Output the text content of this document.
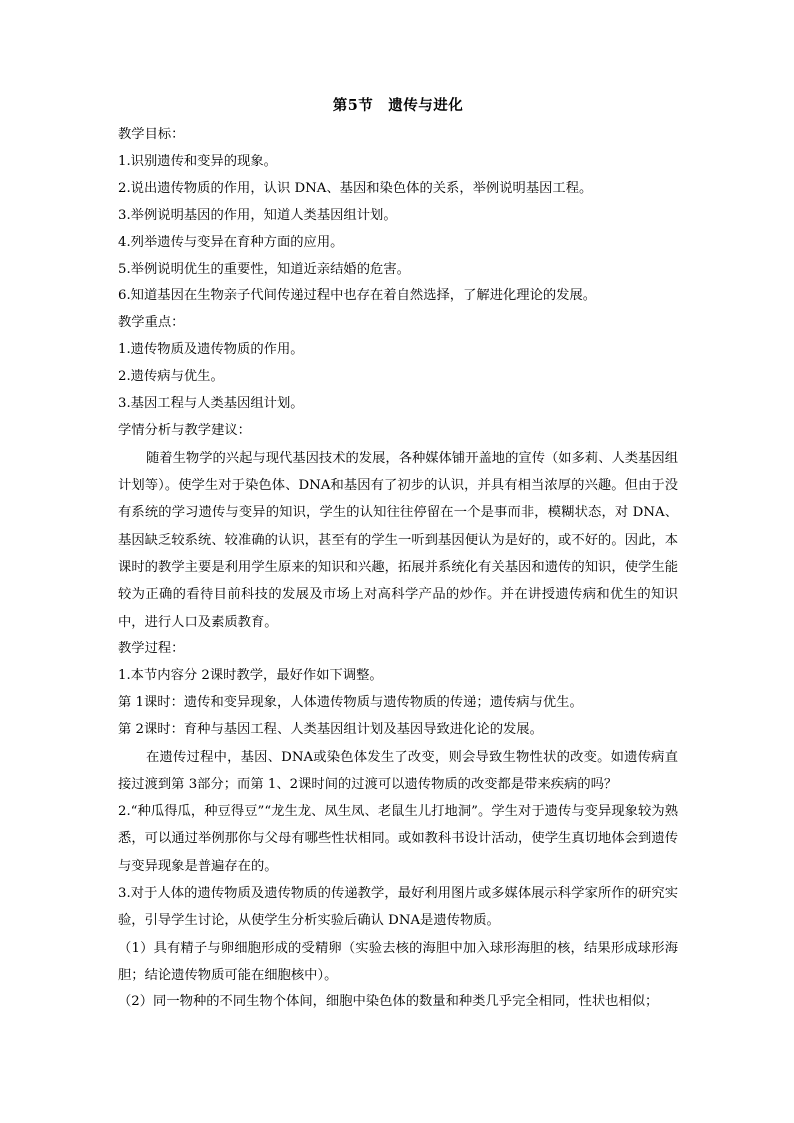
第5节　遗传与进化
教学目标：
1.识别遗传和变异的现象。
2.说出遗传物质的作用，认识 DNA、基因和染色体的关系，举例说明基因工程。
3.举例说明基因的作用，知道人类基因组计划。
4.列举遗传与变异在育种方面的应用。
5.举例说明优生的重要性，知道近亲结婚的危害。
6.知道基因在生物亲子代间传递过程中也存在着自然选择，了解进化理论的发展。
教学重点：
1.遗传物质及遗传物质的作用。
2.遗传病与优生。
3.基因工程与人类基因组计划。
学情分析与教学建议：

随着生物学的兴起与现代基因技术的发展，各种媒体铺开盖地的宣传（如多莉、人类基因组计划等）。使学生对于染色体、DNA和基因有了初步的认识，并具有相当浓厚的兴趣。但由于没有系统的学习遗传与变异的知识，学生的认知往往停留在一个是事而非，模糊状态，对 DNA、基因缺乏较系统、较准确的认识，甚至有的学生一听到基因便认为是好的，或不好的。因此，本课时的教学主要是利用学生原来的知识和兴趣，拓展并系统化有关基因和遗传的知识，使学生能较为正确的看待目前科技的发展及市场上对高科学产品的炒作。并在讲授遗传病和优生的知识中，进行人口及素质教育。

教学过程：
1.本节内容分 2课时教学，最好作如下调整。
第 1课时：遗传和变异现象，人体遗传物质与遗传物质的传递；遗传病与优生。
第 2课时：育种与基因工程、人类基因组计划及基因导致进化论的发展。

在遗传过程中，基因、DNA或染色体发生了改变，则会导致生物性状的改变。如遗传病直接过渡到第 3部分；而第 1、2课时间的过渡可以遗传物质的改变都是带来疾病的吗？

2.“种瓜得瓜，种豆得豆”“龙生龙、凤生凤、老鼠生儿打地洞”。学生对于遗传与变异现象较为熟悉，可以通过举例那你与父母有哪些性状相同。或如教科书设计活动，使学生真切地体会到遗传与变异现象是普遍存在的。

3.对于人体的遗传物质及遗传物质的传递教学，最好利用图片或多媒体展示科学家所作的研究实验，引导学生讨论，从使学生分析实验后确认 DNA是遗传物质。

（1）具有精子与卵细胞形成的受精卵（实验去核的海胆中加入球形海胆的核，结果形成球形海胆；结论遗传物质可能在细胞核中）。

（2）同一物种的不同生物个体间，细胞中染色体的数量和种类几乎完全相同，性状也相似；
